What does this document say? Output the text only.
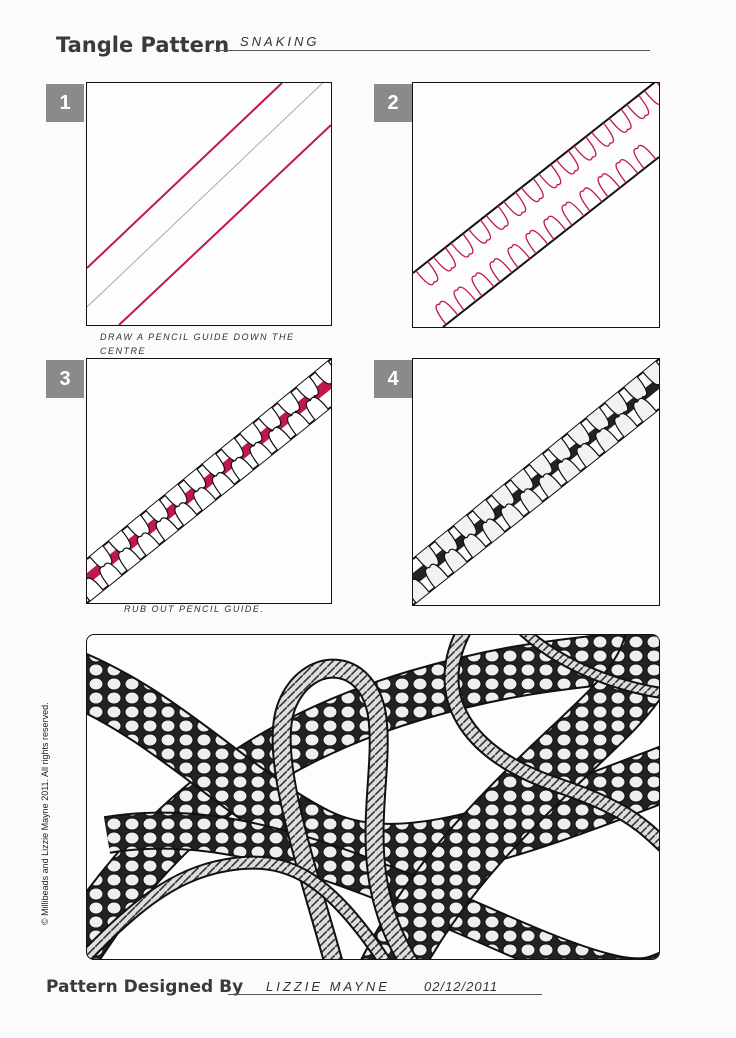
Tangle Pattern SNAKING
1
DRAW A PENCIL GUIDE DOWN THE CENTRE
2
3
RUB OUT PENCIL GUIDE.
4
© Millibeads and Lizzie Mayne 2011. All rights reserved.
Pattern Designed By LIZZIE MAYNE	02/12/2011
